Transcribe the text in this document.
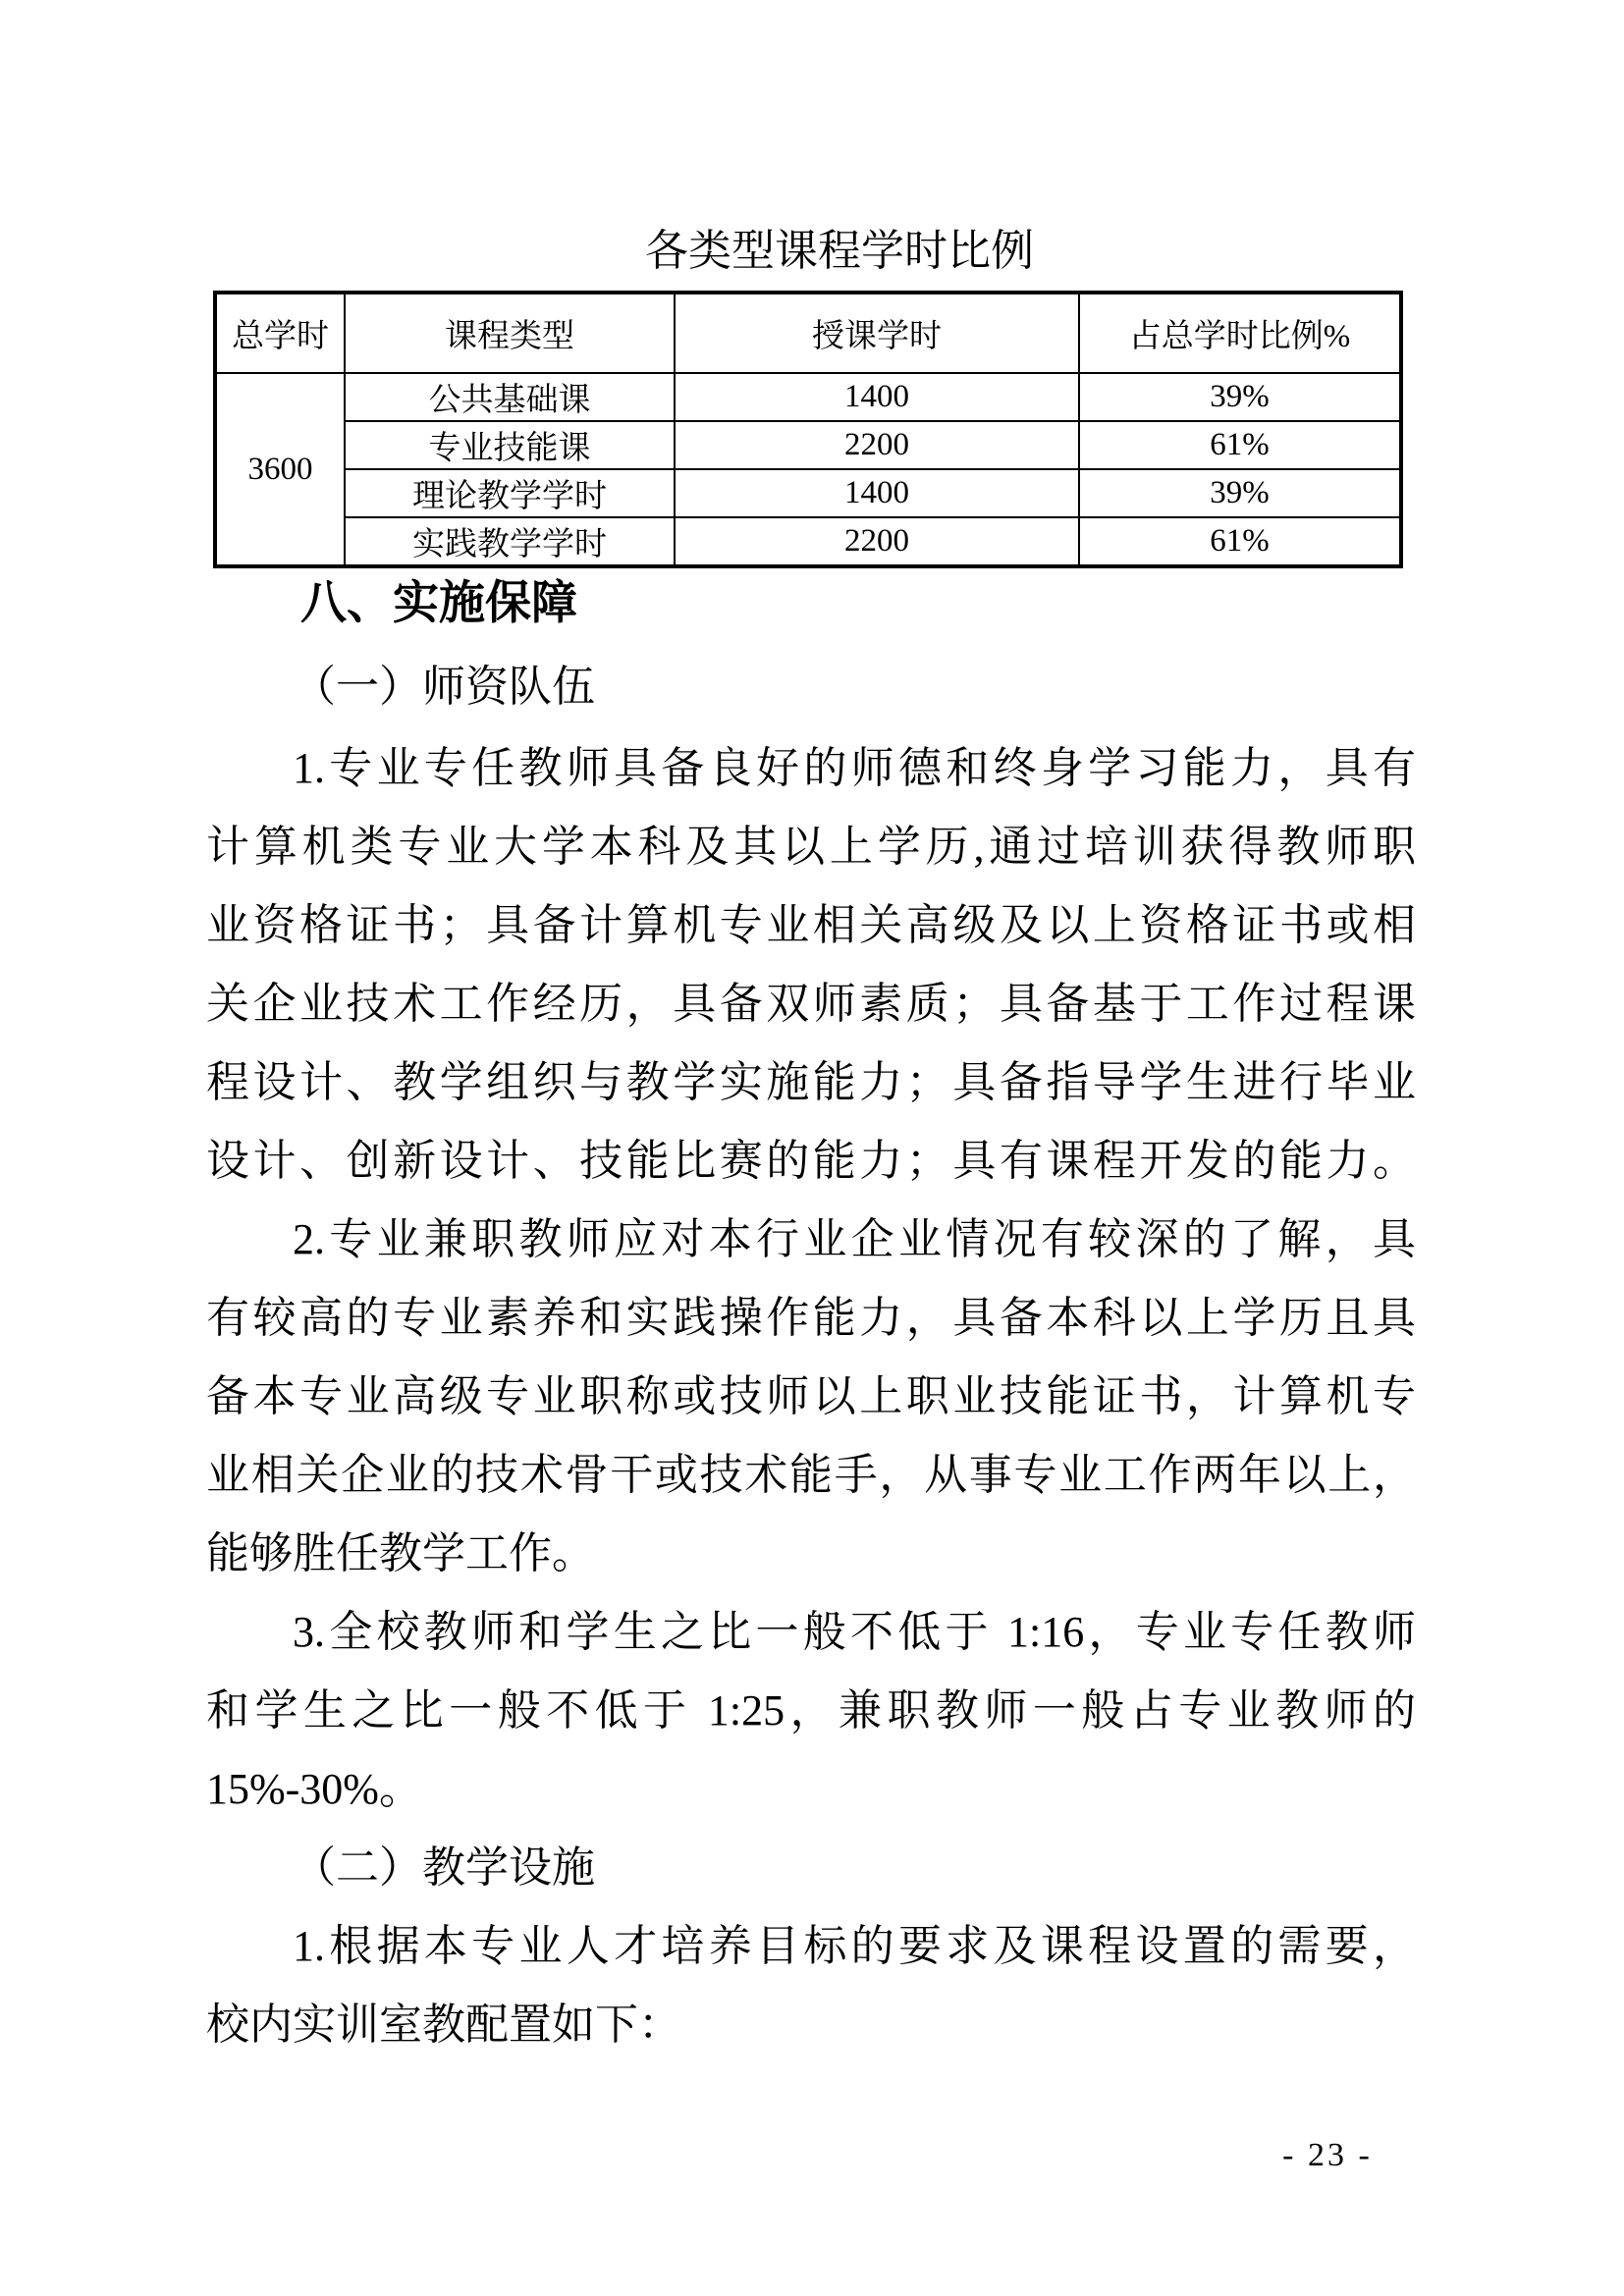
各类型课程学时比例
总学时	课程类型	授课学时	占总学时比例%
3600	公共基础课	1400	39%
	专业技能课	2200	61%
	理论教学学时	1400	39%
	实践教学学时	2200	61%
八、实施保障
（一）师资队伍
1.专业专任教师具备良好的师德和终身学习能力，具有
计算机类专业大学本科及其以上学历,通过培训获得教师职
业资格证书；具备计算机专业相关高级及以上资格证书或相
关企业技术工作经历，具备双师素质；具备基于工作过程课
程设计、教学组织与教学实施能力；具备指导学生进行毕业
设计、创新设计、技能比赛的能力；具有课程开发的能力。
2.专业兼职教师应对本行业企业情况有较深的了解，具
有较高的专业素养和实践操作能力，具备本科以上学历且具
备本专业高级专业职称或技师以上职业技能证书，计算机专
业相关企业的技术骨干或技术能手，从事专业工作两年以上，
能够胜任教学工作。
3.全校教师和学生之比一般不低于 1:16，专业专任教师
和学生之比一般不低于 1:25，兼职教师一般占专业教师的
15%-30%。
（二）教学设施
1.根据本专业人才培养目标的要求及课程设置的需要，
校内实训室教配置如下：
- 23 -
